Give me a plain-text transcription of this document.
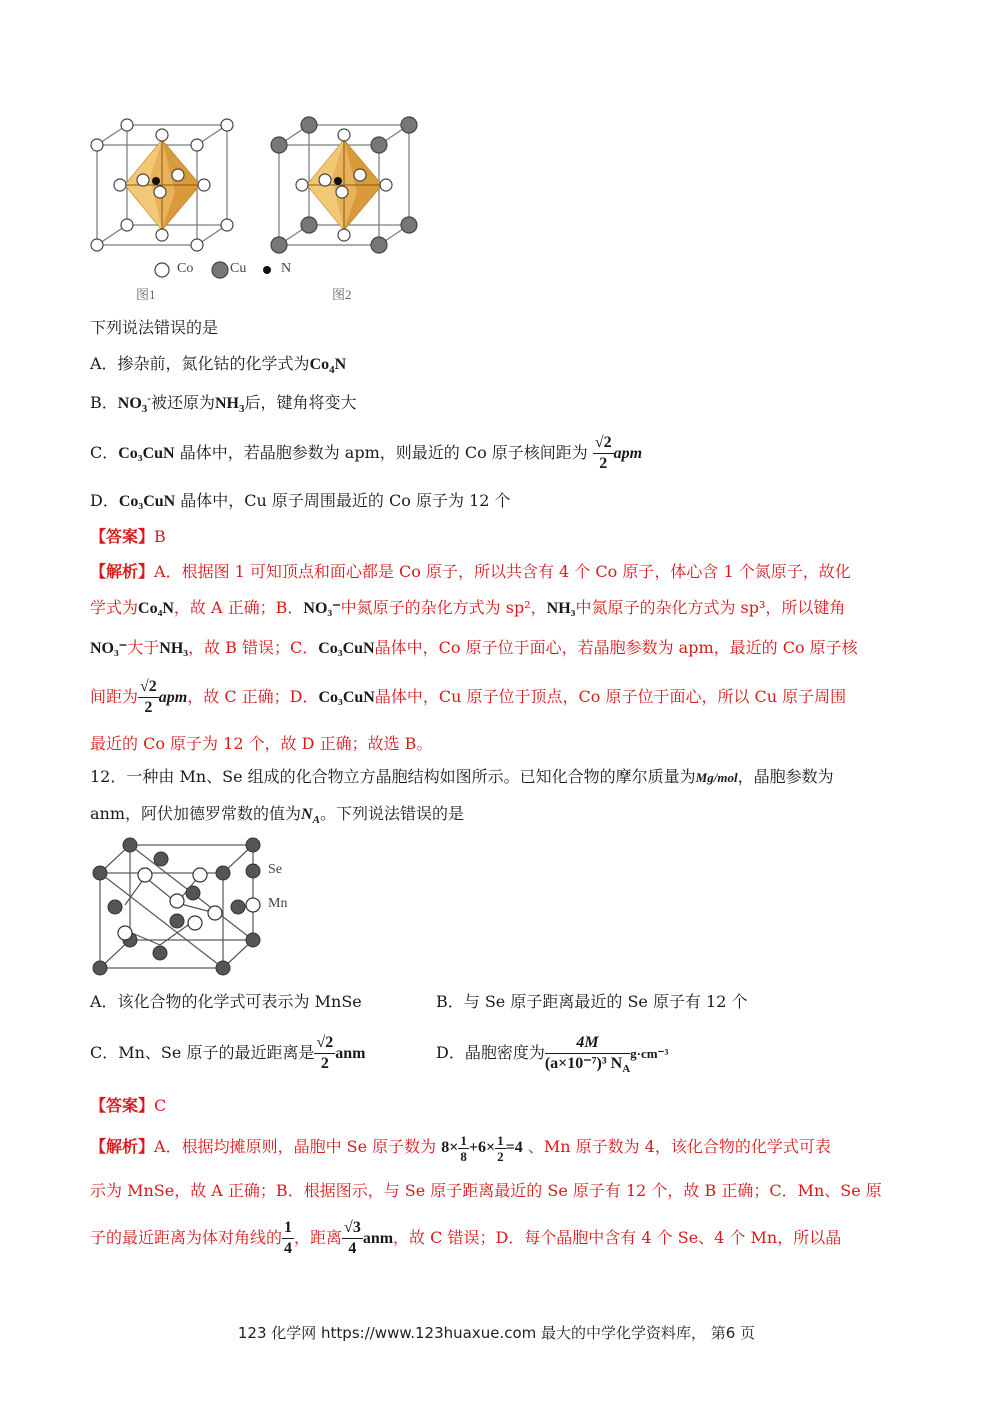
Co	Cu N
图1	图2
下列说法错误的是
A．掺杂前，氮化钴的化学式为$Co_4N$
B．$NO_3^-$被还原为$NH_3$后，键角将变大
C．Co₃CuN 晶体中，若晶胞参数为 apm，则最近的 Co 原子核间距为 $\frac{√2}{2}$ apm
D．Co₃CuN 晶体中，Cu 原子周围最近的 Co 原子为 12 个
【答案】B
【解析】A．根据图 1 可知顶点和面心都是 Co 原子，所以共含有 4 个 Co 原子，体心含 1 个氮原子，故化
学式为Co₄N，故 A 正确；B．NO₃⁻中氮原子的杂化方式为 sp²，NH₃中氮原子的杂化方式为 sp³，所以键角
NO₃⁻大于NH₃，故 B 错误；C．Co₃CuN晶体中，Co 原子位于面心，若晶胞参数为 apm，最近的 Co 原子核
间距为 $\frac{√2}{2}$ apm，故 C 正确；D．Co₃CuN晶体中，Cu 原子位于顶点，Co 原子位于面心，所以 Cu 原子周围
最近的 Co 原子为 12 个，故 D 正确；故选 B。
12．一种由 Mn、Se 组成的化合物立方晶胞结构如图所示。已知化合物的摩尔质量为Mg/mol，晶胞参数为
anm，阿伏加德罗常数的值为$N_A$。下列说法错误的是
Se
Mn
A．该化合物的化学式可表示为 MnSe	B．与 Se 原子距离最近的 Se 原子有 12 个
C．Mn、Se 原子的最近距离是 $\frac{√2}{2}$ anm	D．晶胞密度为 $\frac{4M}{(a\times 10^{-7})^3 N_A} g\cdot cm^{-3}$
【答案】C
【解析】A．根据均摊原则，晶胞中 Se 原子数为 $8\times \frac{1}{8} +6\times \frac{1}{2} =4$ 、Mn 原子数为 4，该化合物的化学式可表
示为 MnSe，故 A 正确；B．根据图示，与 Se 原子距离最近的 Se 原子有 12 个，故 B 正确；C．Mn、Se 原
子的最近距离为体对角线的 $\frac{1}{4}$ ，距离 $\frac{√3}{4}$ anm，故 C 错误；D．每个晶胞中含有 4 个 Se、4 个 Mn，所以晶
123 化学网 https://www.123huaxue.com 最大的中学化学资料库， 第6 页
